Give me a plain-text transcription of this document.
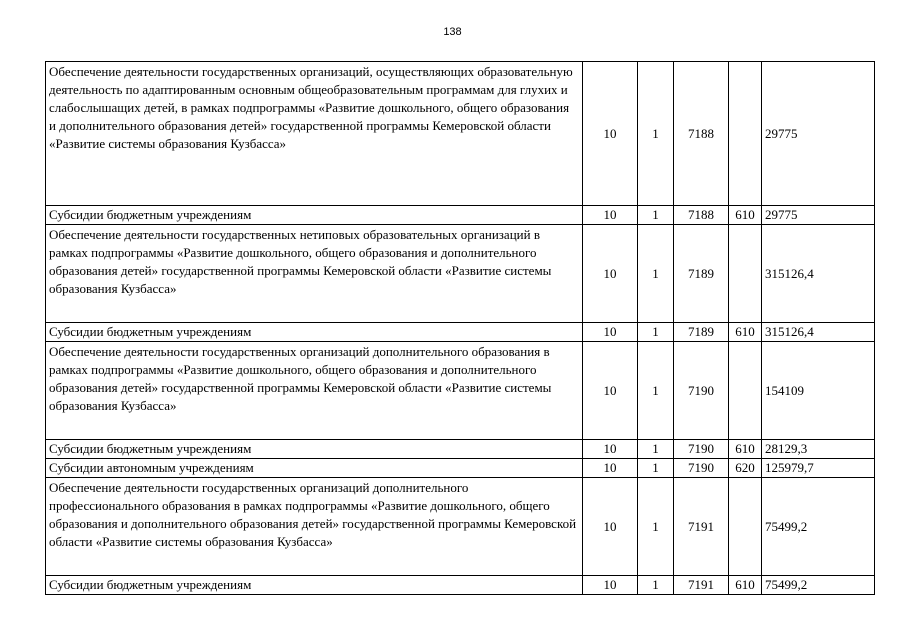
138
Обеспечение деятельности государственных организаций, осуществляющих образовательную деятельность по адаптированным основным общеобразовательным программам для глухих и слабослышащих детей, в рамках подпрограммы «Развитие дошкольного, общего образования и дополнительного образования детей» государственной программы Кемеровской области «Развитие системы образования Кузбасса»	10	1	7188		29775
Субсидии бюджетным учреждениям	10	1	7188	610	29775
Обеспечение деятельности государственных нетиповых образовательных организаций в рамках подпрограммы «Развитие дошкольного, общего образования и дополнительного образования детей» государственной программы Кемеровской области «Развитие системы образования Кузбасса»	10	1	7189		315126,4
Субсидии бюджетным учреждениям	10	1	7189	610	315126,4
Обеспечение деятельности государственных организаций дополнительного образования в рамках подпрограммы «Развитие дошкольного, общего образования и дополнительного образования детей» государственной программы Кемеровской области «Развитие системы образования Кузбасса»	10	1	7190		154109
Субсидии бюджетным учреждениям	10	1	7190	610	28129,3
Субсидии автономным учреждениям	10	1	7190	620	125979,7
Обеспечение деятельности государственных организаций дополнительного профессионального образования в рамках подпрограммы «Развитие дошкольного, общего образования и дополнительного образования детей» государственной программы Кемеровской области «Развитие системы образования Кузбасса»	10	1	7191		75499,2
Субсидии бюджетным учреждениям	10	1	7191	610	75499,2
